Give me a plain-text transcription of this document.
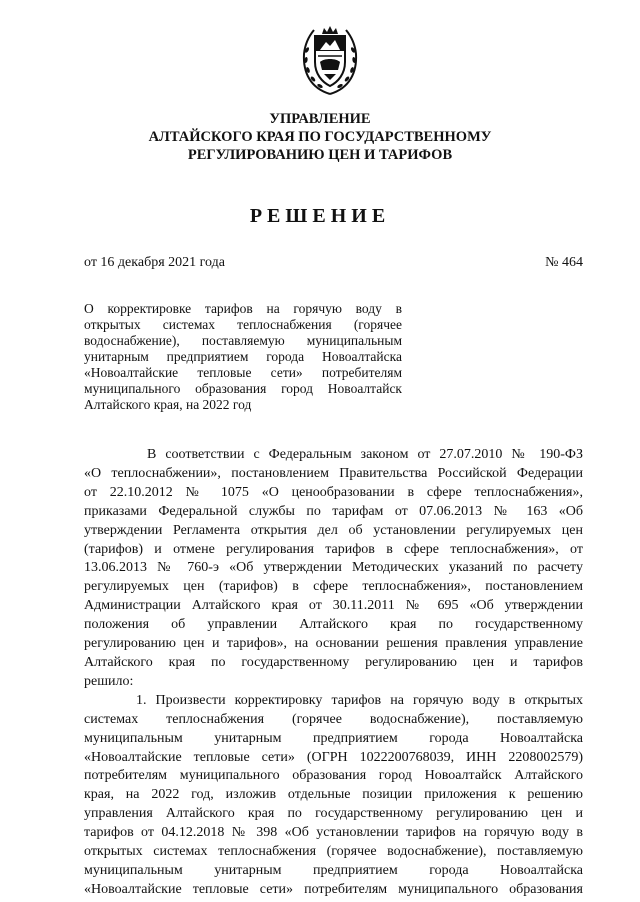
УПРАВЛЕНИЕ
АЛТАЙСКОГО КРАЯ ПО ГОСУДАРСТВЕННОМУ
РЕГУЛИРОВАНИЮ ЦЕН И ТАРИФОВ
РЕШЕНИЕ
от 16 декабря 2021 года	№ 464
О корректировке тарифов на горячую воду в
открытых системах теплоснабжения (горячее
водоснабжение), поставляемую муниципальным
унитарным предприятием города Новоалтайска
«Новоалтайские тепловые сети» потребителям
муниципального образования город Новоалтайск
Алтайского края, на 2022 год
В соответствии с Федеральным законом от 27.07.2010 № 190-ФЗ
«О теплоснабжении», постановлением Правительства Российской Федерации
от 22.10.2012 № 1075 «О ценообразовании в сфере теплоснабжения»,
приказами Федеральной службы по тарифам от 07.06.2013 № 163 «Об
утверждении Регламента открытия дел об установлении регулируемых цен
(тарифов) и отмене регулирования тарифов в сфере теплоснабжения», от
13.06.2013 № 760-э «Об утверждении Методических указаний по расчету
регулируемых цен (тарифов) в сфере теплоснабжения», постановлением
Администрации Алтайского края от 30.11.2011 № 695 «Об утверждении
положения об управлении Алтайского края по государственному
регулированию цен и тарифов», на основании решения правления управление
Алтайского края по государственному регулированию цен и тарифов
решило:
1. Произвести корректировку тарифов на горячую воду в открытых
системах теплоснабжения (горячее водоснабжение), поставляемую
муниципальным унитарным предприятием города Новоалтайска
«Новоалтайские тепловые сети» (ОГРН 1022200768039, ИНН 2208002579)
потребителям муниципального образования город Новоалтайск Алтайского
края, на 2022 год, изложив отдельные позиции приложения к решению
управления Алтайского края по государственному регулированию цен и
тарифов от 04.12.2018 № 398 «Об установлении тарифов на горячую воду в
открытых системах теплоснабжения (горячее водоснабжение), поставляемую
муниципальным унитарным предприятием города Новоалтайска
«Новоалтайские тепловые сети» потребителям муниципального образования
